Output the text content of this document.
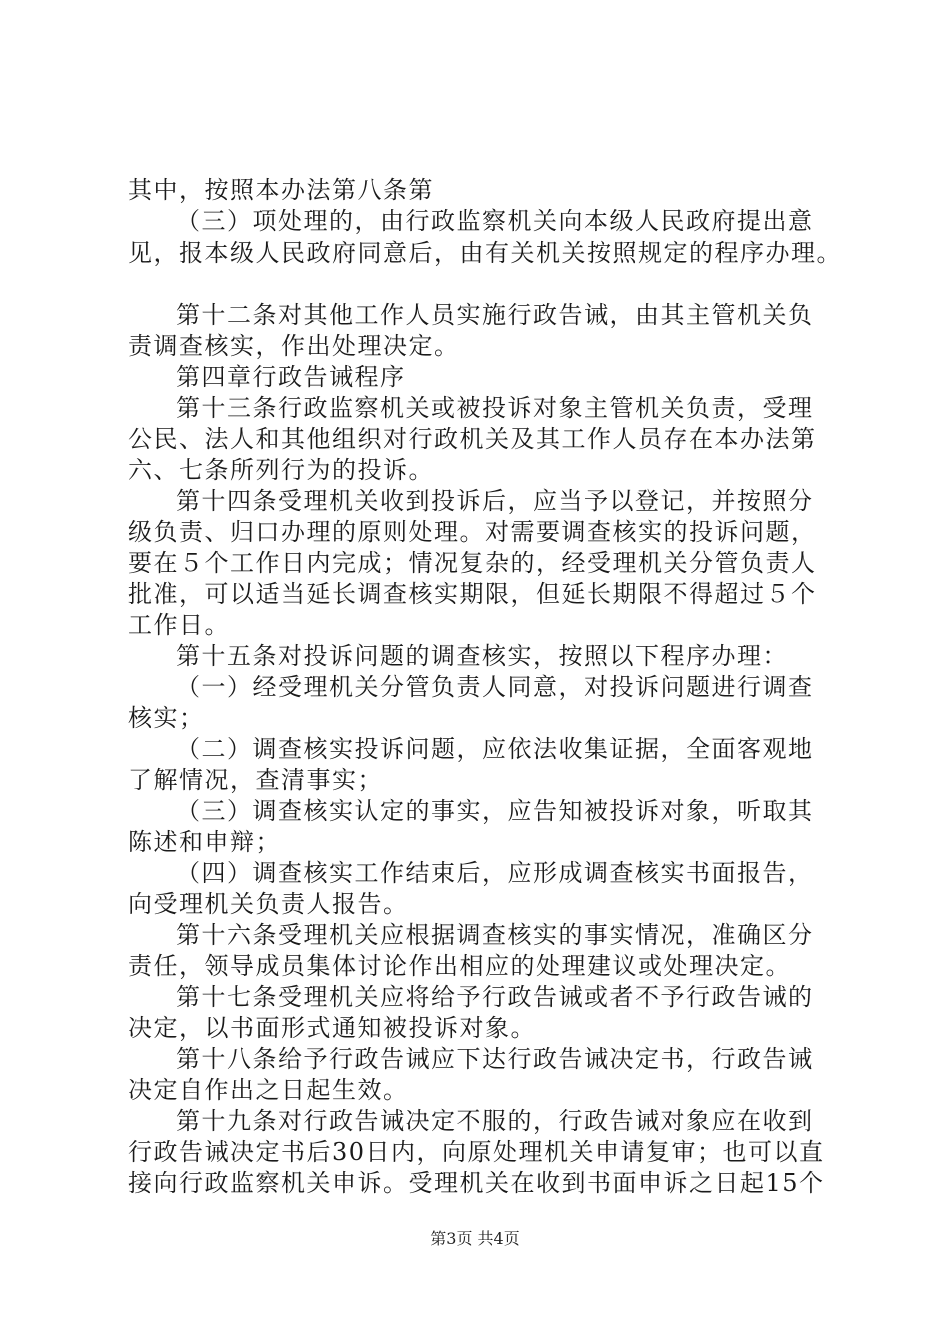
其中，按照本办法第八条第
（三）项处理的，由行政监察机关向本级人民政府提出意
见，报本级人民政府同意后，由有关机关按照规定的程序办理。
第十二条对其他工作人员实施行政告诫，由其主管机关负
责调查核实，作出处理决定。
第四章行政告诫程序
第十三条行政监察机关或被投诉对象主管机关负责，受理
公民、法人和其他组织对行政机关及其工作人员存在本办法第
六、七条所列行为的投诉。
第十四条受理机关收到投诉后，应当予以登记，并按照分
级负责、归口办理的原则处理。对需要调查核实的投诉问题，
要在５个工作日内完成；情况复杂的，经受理机关分管负责人
批准，可以适当延长调查核实期限，但延长期限不得超过５个
工作日。
第十五条对投诉问题的调查核实，按照以下程序办理：
（一）经受理机关分管负责人同意，对投诉问题进行调查
核实；
（二）调查核实投诉问题，应依法收集证据，全面客观地
了解情况，查清事实；
（三）调查核实认定的事实，应告知被投诉对象，听取其
陈述和申辩；
（四）调查核实工作结束后，应形成调查核实书面报告，
向受理机关负责人报告。
第十六条受理机关应根据调查核实的事实情况，准确区分
责任，领导成员集体讨论作出相应的处理建议或处理决定。
第十七条受理机关应将给予行政告诫或者不予行政告诫的
决定，以书面形式通知被投诉对象。
第十八条给予行政告诫应下达行政告诫决定书，行政告诫
决定自作出之日起生效。
第十九条对行政告诫决定不服的，行政告诫对象应在收到
行政告诫决定书后30日内，向原处理机关申请复审；也可以直
接向行政监察机关申诉。受理机关在收到书面申诉之日起15个
第3页 共4页
